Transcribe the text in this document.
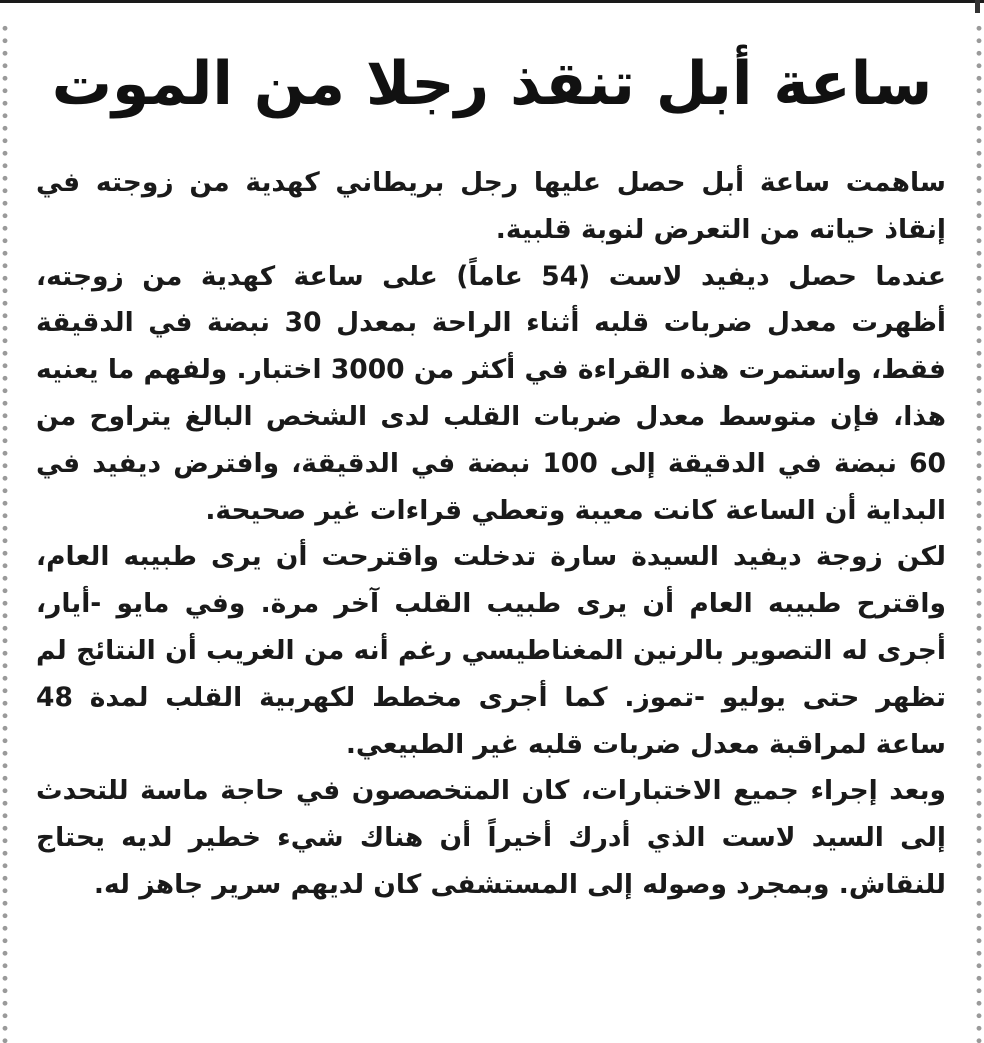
ساعة أبل تنقذ رجلا من الموت

ساهمت ساعة أبل حصل عليها رجل بريطاني كهدية من زوجته في إنقاذ حياته من التعرض لنوبة قلبية.

عندما حصل ديفيد لاست (54 عاماً) على ساعة كهدية من زوجته، أظهرت معدل ضربات قلبه أثناء الراحة بمعدل 30 نبضة في الدقيقة فقط، واستمرت هذه القراءة في أكثر من 3000 اختبار. ولفهم ما يعنيه هذا، فإن متوسط معدل ضربات القلب لدى الشخص البالغ يتراوح من 60 نبضة في الدقيقة إلى 100 نبضة في الدقيقة، وافترض ديفيد في البداية أن الساعة كانت معيبة وتعطي قراءات غير صحيحة.

لكن زوجة ديفيد السيدة سارة تدخلت واقترحت أن يرى طبيبه العام، واقترح طبيبه العام أن يرى طبيب القلب آخر مرة. وفي مايو -أيار، أجرى له التصوير بالرنين المغناطيسي رغم أنه من الغريب أن النتائج لم تظهر حتى يوليو -تموز. كما أجرى مخطط لكهربية القلب لمدة 48 ساعة لمراقبة معدل ضربات قلبه غير الطبيعي.

وبعد إجراء جميع الاختبارات، كان المتخصصون في حاجة ماسة للتحدث إلى السيد لاست الذي أدرك أخيراً أن هناك شيء خطير لديه يحتاج للنقاش. وبمجرد وصوله إلى المستشفى كان لديهم سرير جاهز له.
